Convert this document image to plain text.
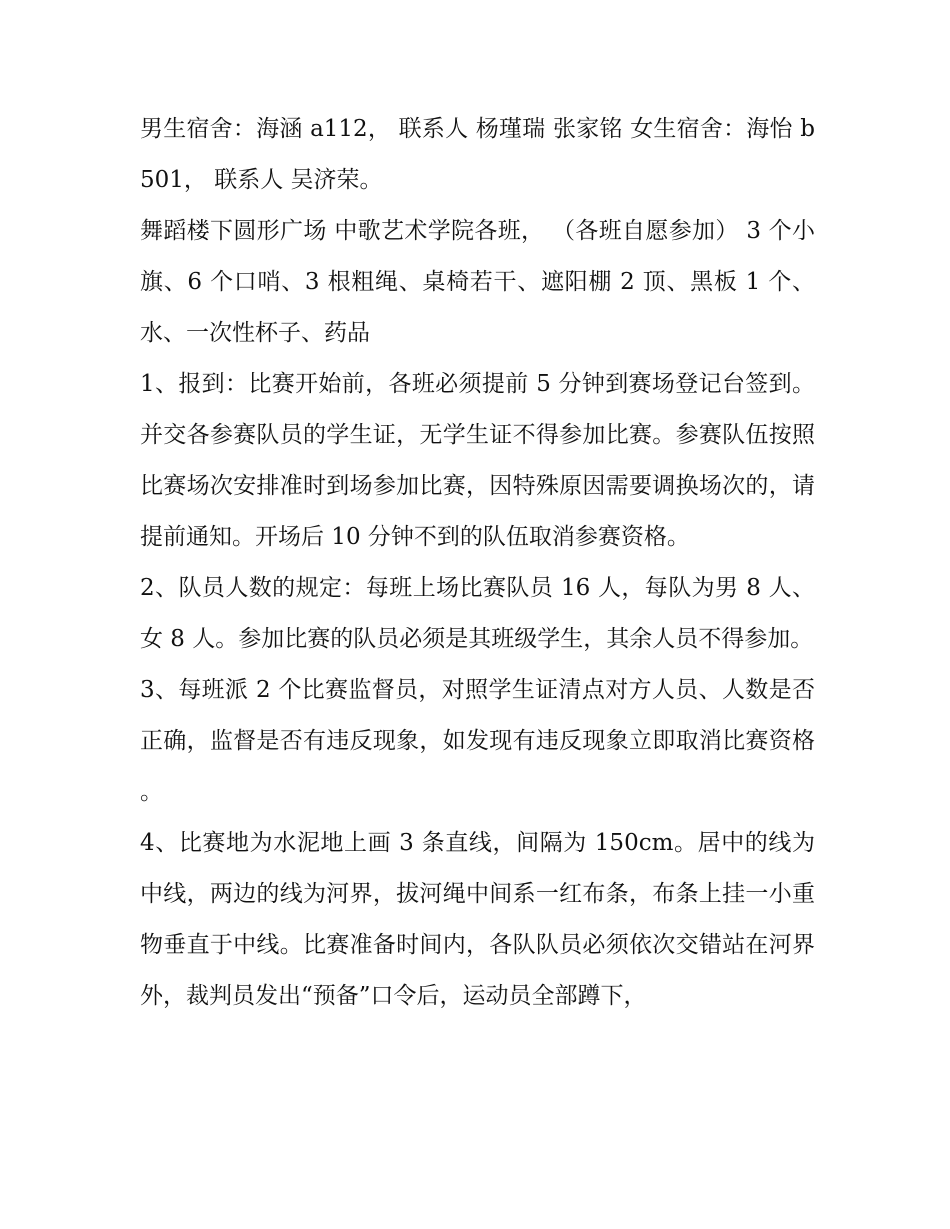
男生宿舍：海涵 a112， 联系人 杨瑾瑞 张家铭 女生宿舍：海怡 b501， 联系人 吴济荣。

舞蹈楼下圆形广场 中歌艺术学院各班， （各班自愿参加） 3 个小旗、6 个口哨、3 根粗绳、桌椅若干、遮阳棚 2 顶、黑板 1 个、水、一次性杯子、药品

1、报到：比赛开始前，各班必须提前 5 分钟到赛场登记台签到。并交各参赛队员的学生证，无学生证不得参加比赛。参赛队伍按照比赛场次安排准时到场参加比赛，因特殊原因需要调换场次的，请提前通知。开场后 10 分钟不到的队伍取消参赛资格。

2、队员人数的规定：每班上场比赛队员 16 人，每队为男 8 人、女 8 人。参加比赛的队员必须是其班级学生，其余人员不得参加。

3、每班派 2 个比赛监督员，对照学生证清点对方人员、人数是否正确，监督是否有违反现象，如发现有违反现象立即取消比赛资格。

4、比赛地为水泥地上画 3 条直线，间隔为 150cm。居中的线为中线，两边的线为河界，拔河绳中间系一红布条，布条上挂一小重物垂直于中线。比赛准备时间内，各队队员必须依次交错站在河界外，裁判员发出“预备”口令后，运动员全部蹲下，
